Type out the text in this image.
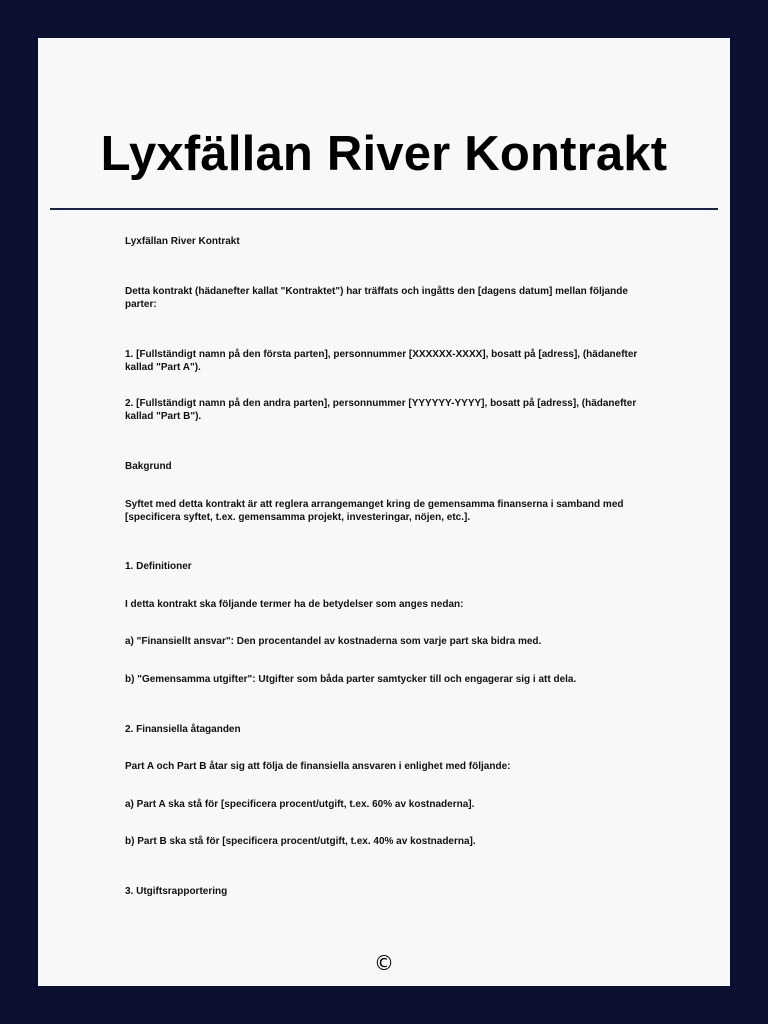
Lyxfällan River Kontrakt

Lyxfällan River Kontrakt

Detta kontrakt (hädanefter kallat "Kontraktet") har träffats och ingåtts den [dagens datum] mellan följande parter:

1. [Fullständigt namn på den första parten], personnummer [XXXXXX-XXXX], bosatt på [adress], (hädanefter kallad "Part A").

2. [Fullständigt namn på den andra parten], personnummer [YYYYYY-YYYY], bosatt på [adress], (hädanefter kallad "Part B").

Bakgrund

Syftet med detta kontrakt är att reglera arrangemanget kring de gemensamma finanserna i samband med [specificera syftet, t.ex. gemensamma projekt, investeringar, nöjen, etc.].

1. Definitioner

I detta kontrakt ska följande termer ha de betydelser som anges nedan:

a) "Finansiellt ansvar": Den procentandel av kostnaderna som varje part ska bidra med.

b) "Gemensamma utgifter": Utgifter som båda parter samtycker till och engagerar sig i att dela.

2. Finansiella åtaganden

Part A och Part B åtar sig att följa de finansiella ansvaren i enlighet med följande:

a) Part A ska stå för [specificera procent/utgift, t.ex. 60% av kostnaderna].

b) Part B ska stå för [specificera procent/utgift, t.ex. 40% av kostnaderna].

3. Utgiftsrapportering

©
